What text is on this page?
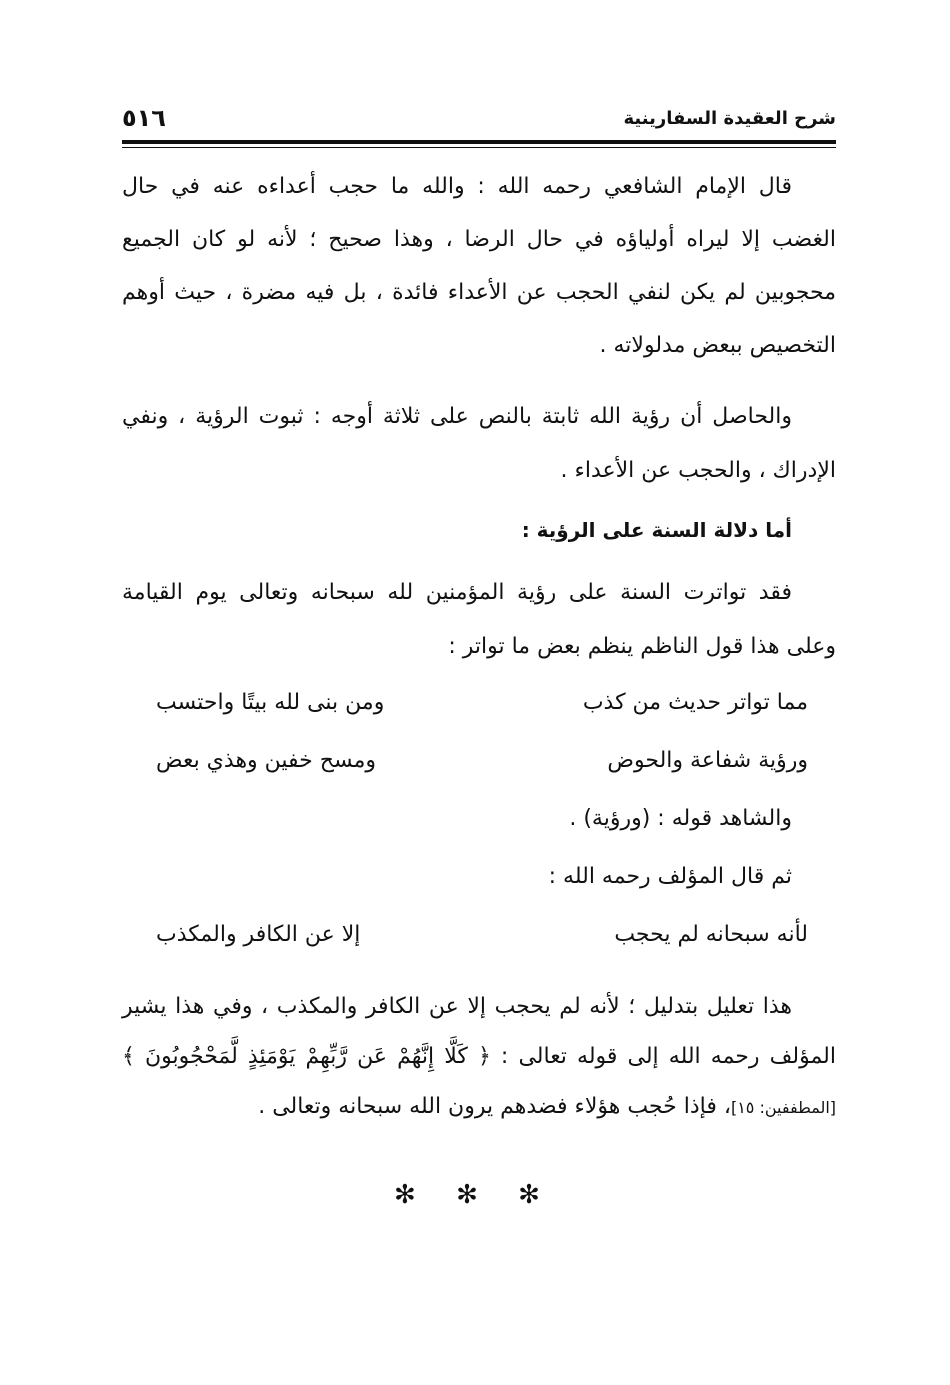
٥١٦	شرح العقيدة السفارينية

قال الإمام الشافعي رحمه الله : والله ما حجب أعداءه عنه في حال الغضب إلا ليراه أولياؤه في حال الرضا ، وهذا صحيح ؛ لأنه لو كان الجميع محجوبين لم يكن لنفي الحجب عن الأعداء فائدة ، بل فيه مضرة ، حيث أوهم التخصيص ببعض مدلولاته .

والحاصل أن رؤية الله ثابتة بالنص على ثلاثة أوجه : ثبوت الرؤية ، ونفي الإدراك ، والحجب عن الأعداء .

أما دلالة السنة على الرؤية :

فقد تواترت السنة على رؤية المؤمنين لله سبحانه وتعالى يوم القيامة وعلى هذا قول الناظم ينظم بعض ما تواتر :

مما تواتر حديث من كذب
ومن بنى لله بيتًا واحتسب
ورؤية شفاعة والحوض
ومسح خفين وهذي بعض

والشاهد قوله : (ورؤية) .

ثم قال المؤلف رحمه الله :

لأنه سبحانه لم يحجب
إلا عن الكافر والمكذب

هذا تعليل بتدليل ؛ لأنه لم يحجب إلا عن الكافر والمكذب ، وفي هذا يشير المؤلف رحمه الله إلى قوله تعالى : ﴿ كَلَّا إِنَّهُمْ عَن رَّبِّهِمْ يَوْمَئِذٍ لَّمَحْجُوبُونَ ﴾ [المطففين: ١٥]، فإذا حُجب هؤلاء فضدهم يرون الله سبحانه وتعالى .

✻ ✻ ✻
